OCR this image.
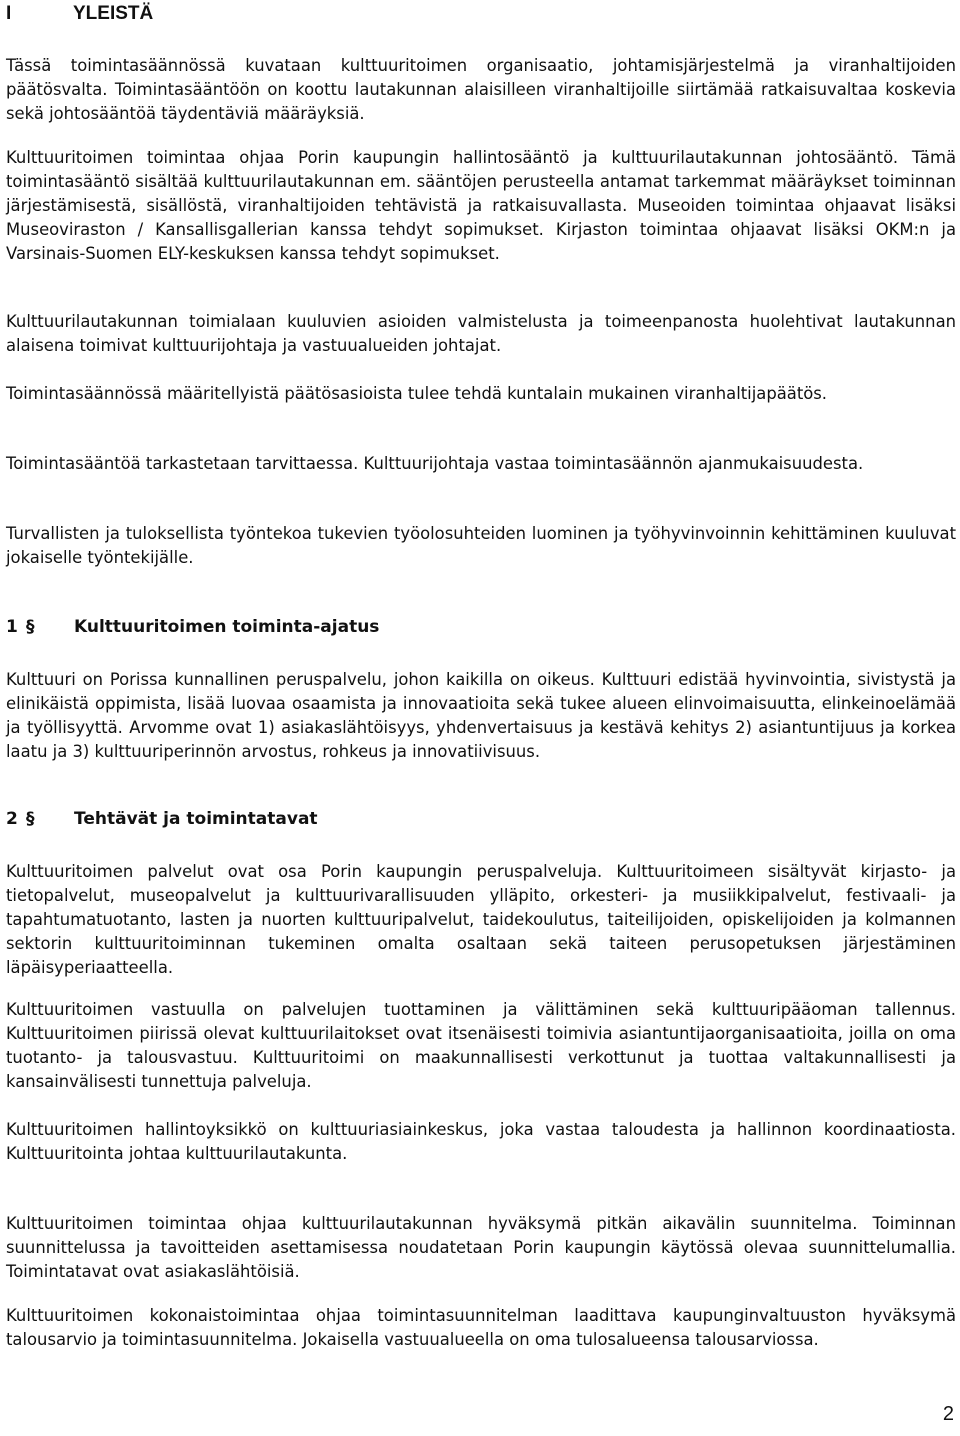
I	YLEISTÄ

Tässä toimintasäännössä kuvataan kulttuuritoimen organisaatio, johtamisjärjestelmä ja viranhaltijoiden päätösvalta. Toimintasääntöön on koottu lautakunnan alaisilleen viranhaltijoille siirtämää ratkaisuvaltaa koskevia sekä johtosääntöä täydentäviä määräyksiä.

Kulttuuritoimen toimintaa ohjaa Porin kaupungin hallintosääntö ja kulttuurilautakunnan johtosääntö. Tämä toimintasääntö sisältää kulttuurilautakunnan em. sääntöjen perusteella antamat tarkemmat määräykset toiminnan järjestämisestä, sisällöstä, viranhaltijoiden tehtävistä ja ratkaisuvallasta. Museoiden toimintaa ohjaavat lisäksi Museoviraston / Kansallisgallerian kanssa tehdyt sopimukset. Kirjaston toimintaa ohjaavat lisäksi OKM:n ja Varsinais-Suomen ELY-keskuksen kanssa tehdyt sopimukset.

Kulttuurilautakunnan toimialaan kuuluvien asioiden valmistelusta ja toimeenpanosta huolehtivat lautakunnan alaisena toimivat kulttuurijohtaja ja vastuualueiden johtajat.

Toimintasäännössä määritellyistä päätösasioista tulee tehdä kuntalain mukainen viranhaltijapäätös.

Toimintasääntöä tarkastetaan tarvittaessa. Kulttuurijohtaja vastaa toimintasäännön ajanmukaisuudesta.

Turvallisten ja tuloksellista työntekoa tukevien työolosuhteiden luominen ja työhyvinvoinnin kehittäminen kuuluvat jokaiselle työntekijälle.

1 § Kulttuuritoimen toiminta-ajatus

Kulttuuri on Porissa kunnallinen peruspalvelu, johon kaikilla on oikeus. Kulttuuri edistää hyvinvointia, sivistystä ja elinikäistä oppimista, lisää luovaa osaamista ja innovaatioita sekä tukee alueen elinvoimaisuutta, elinkeinoelämää ja työllisyyttä. Arvomme ovat 1) asiakaslähtöisyys, yhdenvertaisuus ja kestävä kehitys 2) asiantuntijuus ja korkea laatu ja 3) kulttuuriperinnön arvostus, rohkeus ja innovatiivisuus.

2 § Tehtävät ja toimintatavat

Kulttuuritoimen palvelut ovat osa Porin kaupungin peruspalveluja. Kulttuuritoimeen sisältyvät kirjasto- ja tietopalvelut, museopalvelut ja kulttuurivarallisuuden ylläpito, orkesteri- ja musiikkipalvelut, festivaali- ja tapahtumatuotanto, lasten ja nuorten kulttuuripalvelut, taidekoulutus, taiteilijoiden, opiskelijoiden ja kolmannen sektorin kulttuuritoiminnan tukeminen omalta osaltaan sekä taiteen perusopetuksen järjestäminen läpäisyperiaatteella.

Kulttuuritoimen vastuulla on palvelujen tuottaminen ja välittäminen sekä kulttuuripääoman tallennus. Kulttuuritoimen piirissä olevat kulttuurilaitokset ovat itsenäisesti toimivia asiantuntijaorganisaatioita, joilla on oma tuotanto- ja talousvastuu. Kulttuuritoimi on maakunnallisesti verkottunut ja tuottaa valtakunnallisesti ja kansainvälisesti tunnettuja palveluja.

Kulttuuritoimen hallintoyksikkö on kulttuuriasiainkeskus, joka vastaa taloudesta ja hallinnon koordinaatiosta. Kulttuuritointa johtaa kulttuurilautakunta.

Kulttuuritoimen toimintaa ohjaa kulttuurilautakunnan hyväksymä pitkän aikavälin suunnitelma. Toiminnan suunnittelussa ja tavoitteiden asettamisessa noudatetaan Porin kaupungin käytössä olevaa suunnittelumallia. Toimintatavat ovat asiakaslähtöisiä.

Kulttuuritoimen kokonaistoimintaa ohjaa toimintasuunnitelman laadittava kaupunginvaltuuston hyväksymä talousarvio ja toimintasuunnitelma. Jokaisella vastuualueella on oma tulosalueensa talousarviossa.

2
